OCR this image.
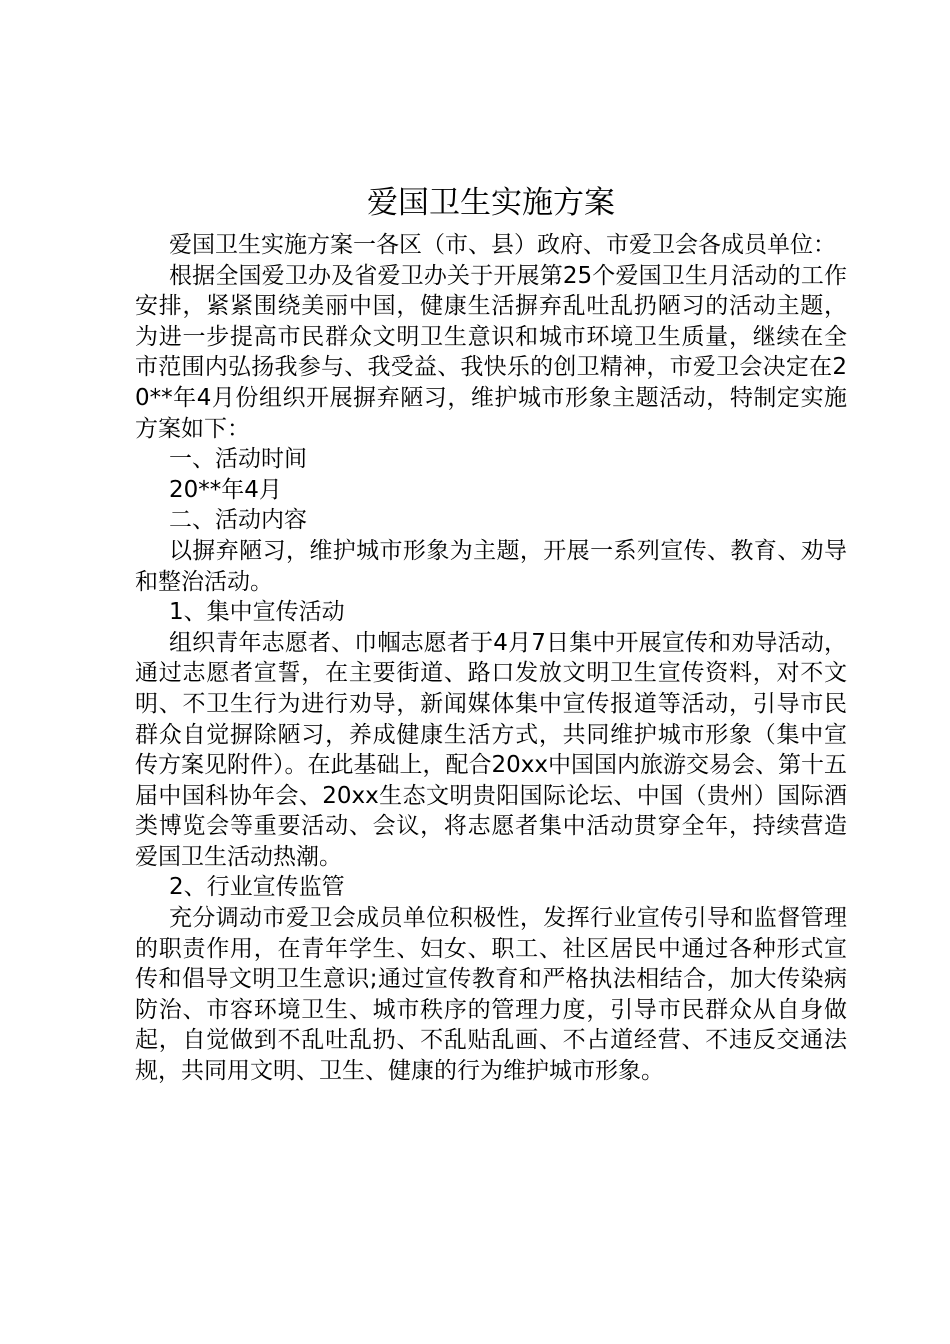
爱国卫生实施方案

爱国卫生实施方案一各区（市、县）政府、市爱卫会各成员单位：

根据全国爱卫办及省爱卫办关于开展第25个爱国卫生月活动的工作安排，紧紧围绕美丽中国，健康生活摒弃乱吐乱扔陋习的活动主题，为进一步提高市民群众文明卫生意识和城市环境卫生质量，继续在全市范围内弘扬我参与、我受益、我快乐的创卫精神，市爱卫会决定在20**年4月份组织开展摒弃陋习，维护城市形象主题活动，特制定实施方案如下：

一、活动时间

20**年4月

二、活动内容

以摒弃陋习，维护城市形象为主题，开展一系列宣传、教育、劝导和整治活动。

1、集中宣传活动

组织青年志愿者、巾帼志愿者于4月7日集中开展宣传和劝导活动，通过志愿者宣誓，在主要街道、路口发放文明卫生宣传资料，对不文明、不卫生行为进行劝导，新闻媒体集中宣传报道等活动，引导市民群众自觉摒除陋习，养成健康生活方式，共同维护城市形象（集中宣传方案见附件）。在此基础上，配合20xx中国国内旅游交易会、第十五届中国科协年会、20xx生态文明贵阳国际论坛、中国（贵州）国际酒类博览会等重要活动、会议，将志愿者集中活动贯穿全年，持续营造爱国卫生活动热潮。

2、行业宣传监管

充分调动市爱卫会成员单位积极性，发挥行业宣传引导和监督管理的职责作用，在青年学生、妇女、职工、社区居民中通过各种形式宣传和倡导文明卫生意识;通过宣传教育和严格执法相结合，加大传染病防治、市容环境卫生、城市秩序的管理力度，引导市民群众从自身做起，自觉做到不乱吐乱扔、不乱贴乱画、不占道经营、不违反交通法规，共同用文明、卫生、健康的行为维护城市形象。
